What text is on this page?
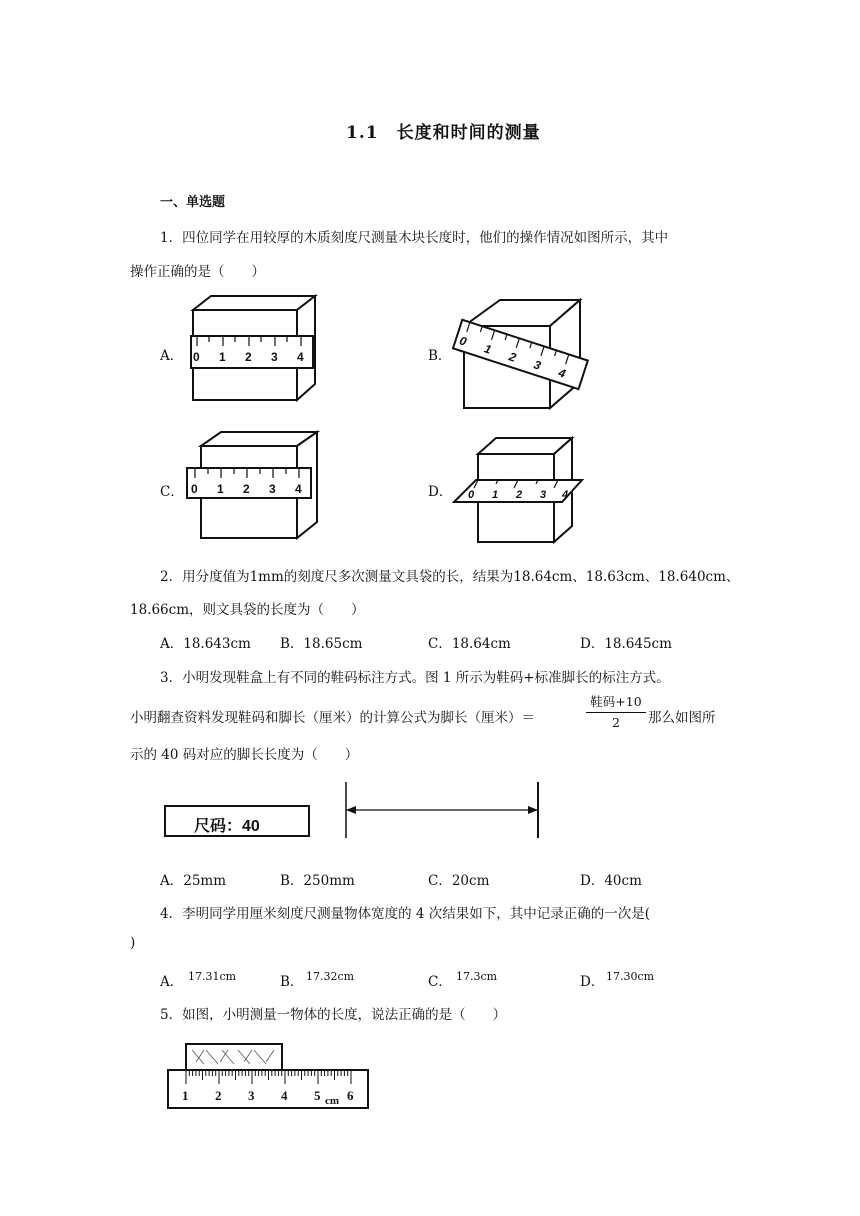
1.1　长度和时间的测量
一、单选题
1．四位同学在用较厚的木质刻度尺测量木块长度时，他们的操作情况如图所示，其中
操作正确的是（　　）
A．	B．
C．	D．
0 1 2 3 4
0
1
2
3
4
0 1 2 3 4	0 1 2 3 4
2．用分度值为1mm的刻度尺多次测量文具袋的长，结果为18.64cm、18.63cm、18.640cm、
18.66cm，则文具袋的长度为（　　）
A．18.643cm B．18.65cm	C．18.64cm	D．18.645cm
3．小明发现鞋盒上有不同的鞋码标注方式。图 1 所示为鞋码+标准脚长的标注方式。
小明翻查资料发现鞋码和脚长（厘米）的计算公式为脚长（厘米）＝
鞋码+10
2	那么如图所
示的 40 码对应的脚长长度为（　　）
尺码：40
A．25mm	B．250mm	C．20cm	D．40cm
4．李明同学用厘米刻度尺测量物体宽度的 4 次结果如下，其中记录正确的一次是(
)
A． 17.31cm	B． 17.32cm	C． 17.3cm	D． 17.30cm
5．如图，小明测量一物体的长度，说法正确的是（　　）
1 2 3 4 5 6
cm
